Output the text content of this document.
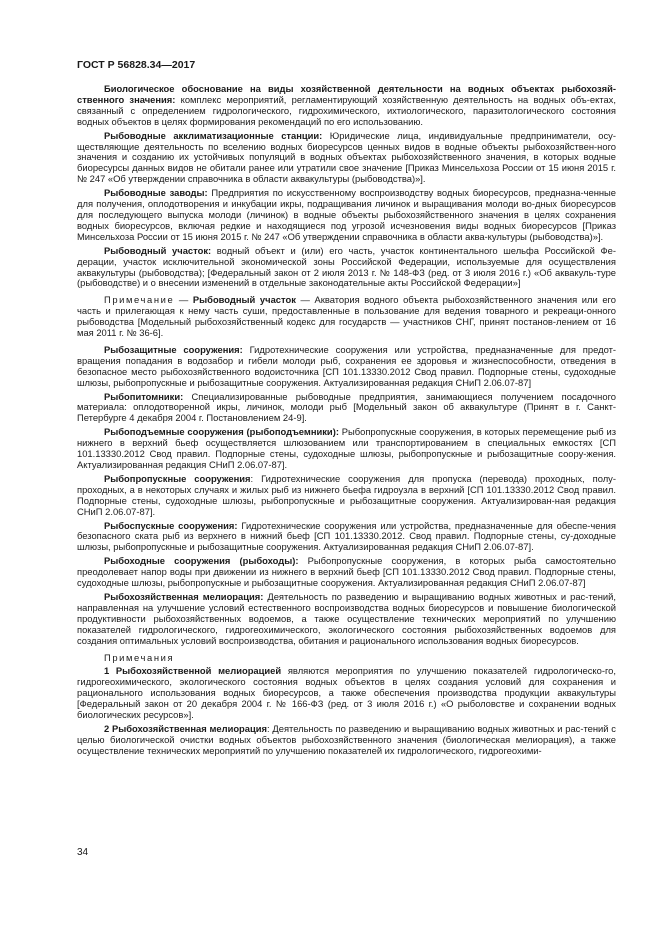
ГОСТ Р 56828.34—2017

Биологическое обоснование на виды хозяйственной деятельности на водных объектах рыбохозяй-ственного значения: комплекс мероприятий, регламентирующий хозяйственную деятельность на водных объ-ектах, связанный с определением гидрологического, гидрохимического, ихтиологического, паразитологического состояния водных объектов в целях формирования рекомендаций по его использованию.

Рыбоводные акклиматизационные станции: Юридические лица, индивидуальные предприниматели, осу-ществляющие деятельность по вселению водных биоресурсов ценных видов в водные объекты рыбохозяйствен-ного значения и созданию их устойчивых популяций в водных объектах рыбохозяйственного значения, в которых водные биоресурсы данных видов не обитали ранее или утратили свое значение [Приказ Минсельхоза России от 15 июня 2015 г. № 247 «Об утверждении справочника в области аквакультуры (рыбоводства)»].

Рыбоводные заводы: Предприятия по искусственному воспроизводству водных биоресурсов, предназна-ченные для получения, оплодотворения и инкубации икры, подращивания личинок и выращивания молоди во-дных биоресурсов для последующего выпуска молоди (личинок) в водные объекты рыбохозяйственного значения в целях сохранения водных биоресурсов, включая редкие и находящиеся под угрозой исчезновения виды водных биоресурсов [Приказ Минсельхоза России от 15 июня 2015 г. № 247 «Об утверждении справочника в области аква-культуры (рыбоводства)»].

Рыбоводный участок: водный объект и (или) его часть, участок континентального шельфа Российской Фе-дерации, участок исключительной экономической зоны Российской Федерации, используемые для осуществления аквакультуры (рыбоводства); [Федеральный закон от 2 июля 2013 г. № 148-ФЗ (ред. от 3 июля 2016 г.) «Об аквакуль-туре (рыбоводстве) и о внесении изменений в отдельные законодательные акты Российской Федерации»]

Примечание — Рыбоводный участок — Акватория водного объекта рыбохозяйственного значения или его часть и прилегающая к нему часть суши, предоставленные в пользование для ведения товарного и рекреаци-онного рыбоводства [Модельный рыбохозяйственный кодекс для государств — участников СНГ, принят постанов-лением от 16 мая 2011 г. № 36-6].

Рыбозащитные сооружения: Гидротехнические сооружения или устройства, предназначенные для предот-вращения попадания в водозабор и гибели молоди рыб, сохранения ее здоровья и жизнеспособности, отведения в безопасное место рыбохозяйственного водоисточника [СП 101.13330.2012 Свод правил. Подпорные стены, судоходные шлюзы, рыбопропускные и рыбозащитные сооружения. Актуализированная редакция СНиП 2.06.07-87]

Рыбопитомники: Специализированные рыбоводные предприятия, занимающиеся получением посадочного материала: оплодотворенной икры, личинок, молоди рыб [Модельный закон об аквакультуре (Принят в г. Санкт-Петербурге 4 декабря 2004 г. Постановлением 24-9].

Рыбоподъемные сооружения (рыбоподъемники): Рыбопропускные сооружения, в которых перемещение рыб из нижнего в верхний бьеф осуществляется шлюзованием или транспортированием в специальных емкостях [СП 101.13330.2012 Свод правил. Подпорные стены, судоходные шлюзы, рыбопропускные и рыбозащитные соору-жения. Актуализированная редакция СНиП 2.06.07-87].

Рыбопропускные сооружения: Гидротехнические сооружения для пропуска (перевода) проходных, полу-проходных, а в некоторых случаях и жилых рыб из нижнего бьефа гидроузла в верхний [СП 101.13330.2012 Свод правил. Подпорные стены, судоходные шлюзы, рыбопропускные и рыбозащитные сооружения. Актуализирован-ная редакция СНиП 2.06.07-87].

Рыбоспускные сооружения: Гидротехнические сооружения или устройства, предназначенные для обеспе-чения безопасного ската рыб из верхнего в нижний бьеф [СП 101.13330.2012. Свод правил. Подпорные стены, су-доходные шлюзы, рыбопропускные и рыбозащитные сооружения. Актуализированная редакция СНиП 2.06.07-87].

Рыбоходные сооружения (рыбоходы): Рыбопропускные сооружения, в которых рыба самостоятельно преодолевает напор воды при движении из нижнего в верхний бьеф [СП 101.13330.2012 Свод правил. Подпорные стены, судоходные шлюзы, рыбопропускные и рыбозащитные сооружения. Актуализированная редакция СНиП 2.06.07-87]

Рыбохозяйственная мелиорация: Деятельность по разведению и выращиванию водных животных и рас-тений, направленная на улучшение условий естественного воспроизводства водных биоресурсов и повышение биологической продуктивности рыбохозяйственных водоемов, а также осуществление технических мероприятий по улучшению показателей гидрологического, гидрогеохимического, экологического состояния рыбохозяйственных водоемов для создания оптимальных условий воспроизводства, обитания и рационального использования водных биоресурсов.

Примечания

1 Рыбохозяйственной мелиорацией являются мероприятия по улучшению показателей гидрологическо-го, гидрогеохимического, экологического состояния водных объектов в целях создания условий для сохранения и рационального использования водных биоресурсов, а также обеспечения производства продукции аквакультуры [Федеральный закон от 20 декабря 2004 г. № 166-ФЗ (ред. от 3 июля 2016 г.) «О рыболовстве и сохранении водных биологических ресурсов»].

2 Рыбохозяйственная мелиорация: Деятельность по разведению и выращиванию водных животных и рас-тений с целью биологической очистки водных объектов рыбохозяйственного значения (биологическая мелиорация), а также осуществление технических мероприятий по улучшению показателей их гидрологического, гидрогеохими-

34
